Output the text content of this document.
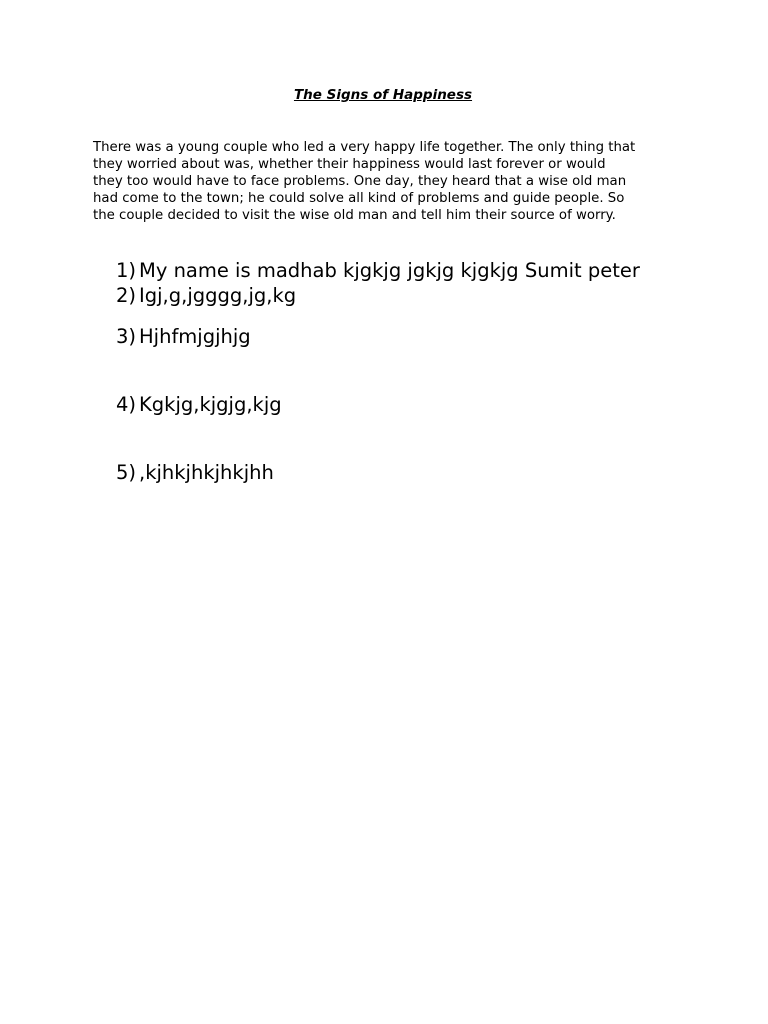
The Signs of Happiness

There was a young couple who led a very happy life together. The only thing that
they worried about was, whether their happiness would last forever or would
they too would have to face problems. One day, they heard that a wise old man
had come to the town; he could solve all kind of problems and guide people. So
the couple decided to visit the wise old man and tell him their source of worry.

1) My name is madhab kjgkjg jgkjg kjgkjg Sumit peter
2) Igj,g,jgggg,jg,kg
3) Hjhfmjgjhjg
4) Kgkjg,kjgjg,kjg
5) ,kjhkjhkjhkjhh
